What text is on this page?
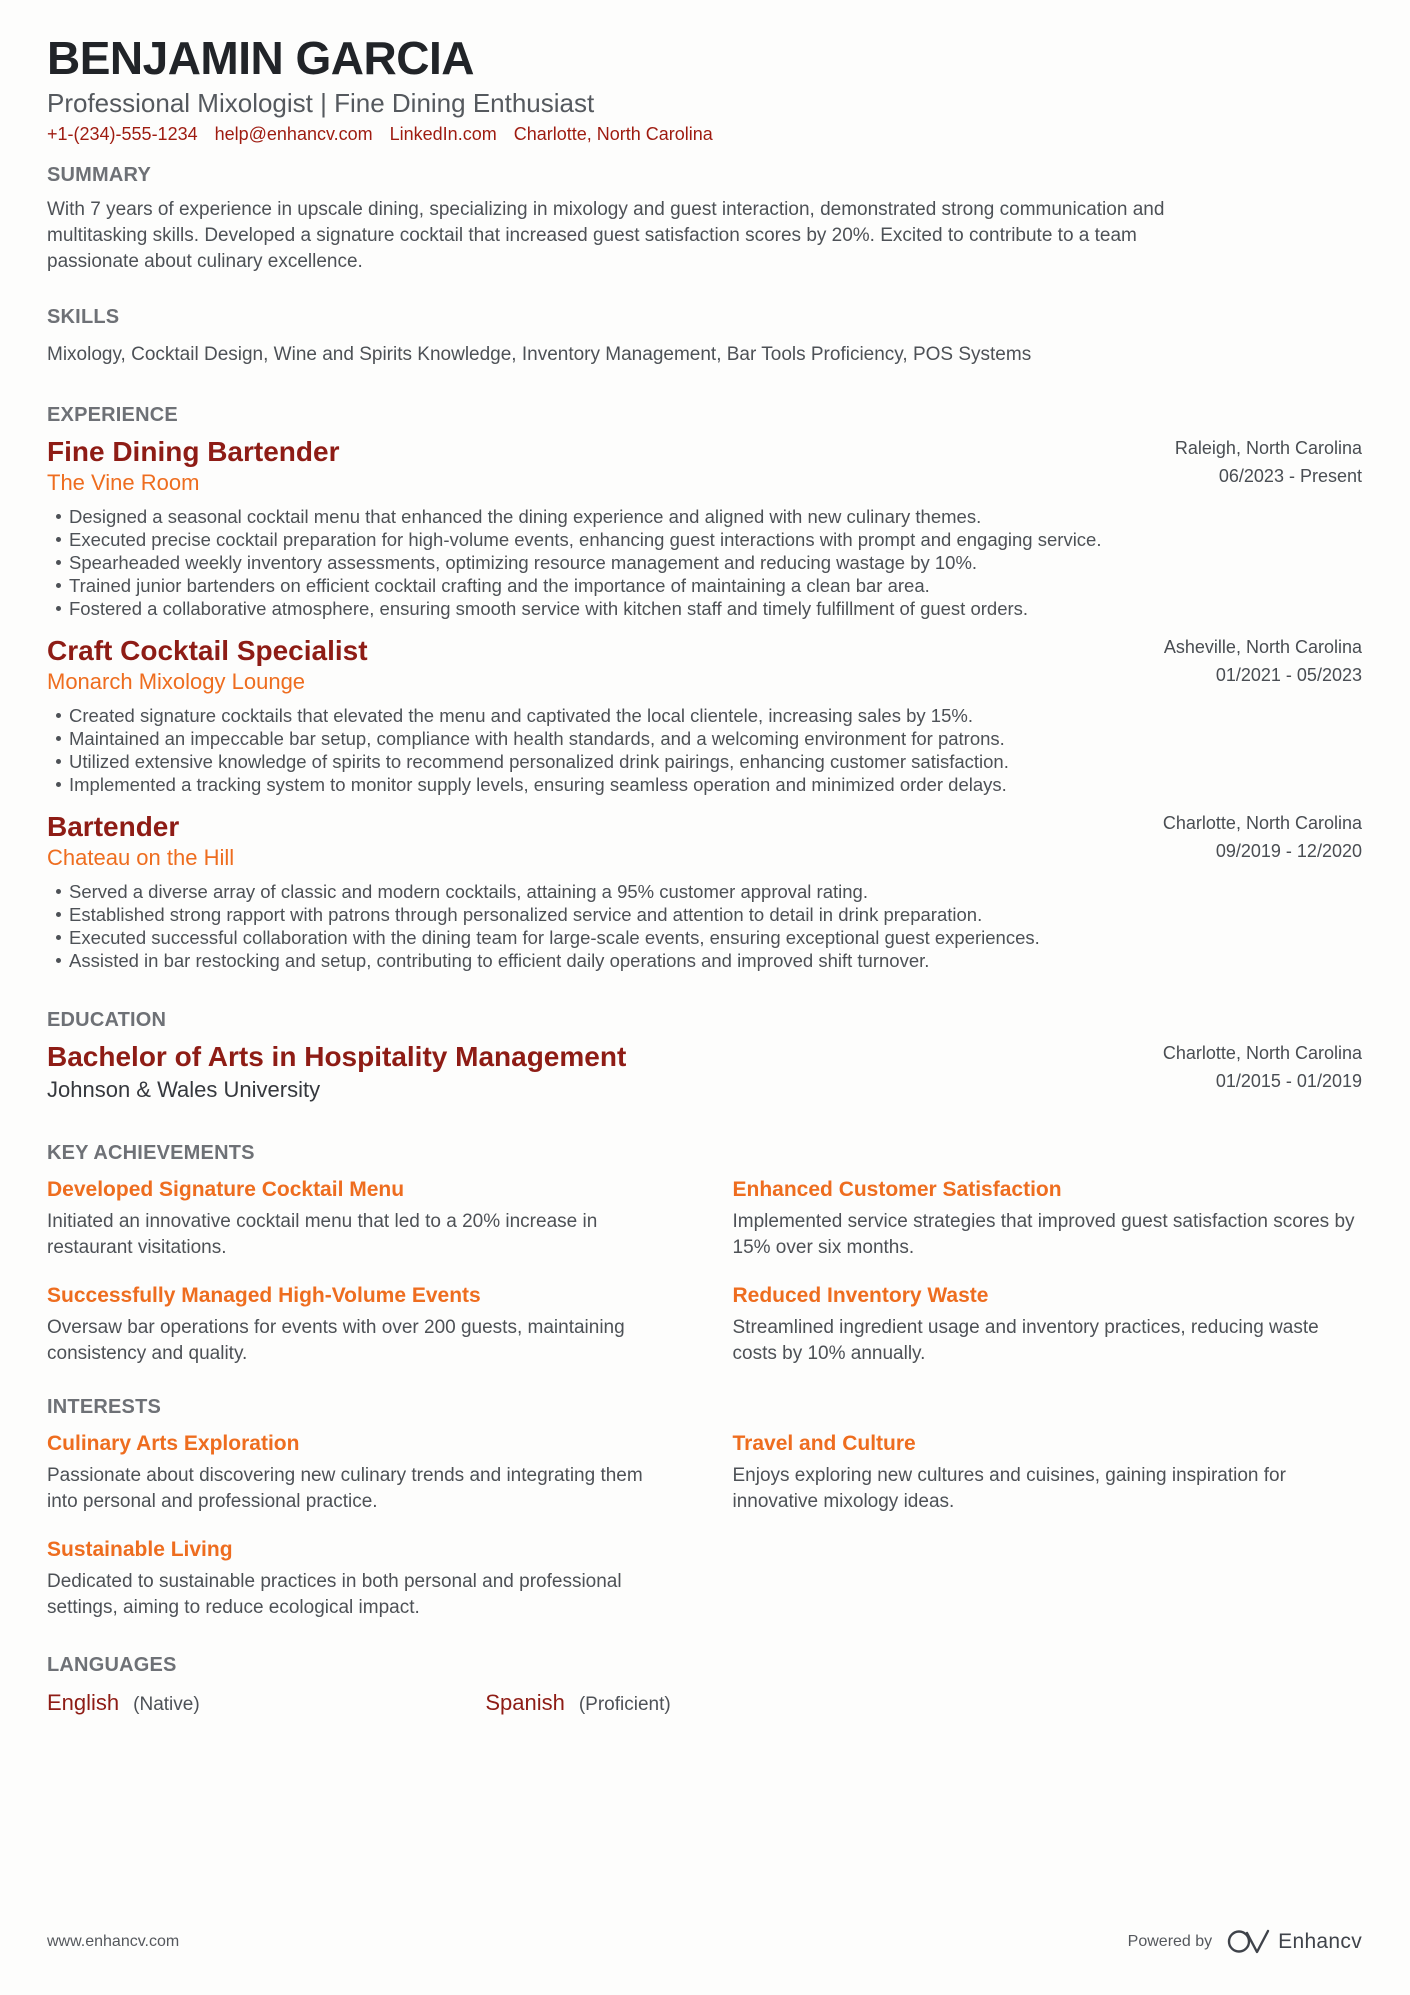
BENJAMIN GARCIA
Professional Mixologist | Fine Dining Enthusiast
+1-(234)-555-1234 help@enhancv.com LinkedIn.com Charlotte, North Carolina
SUMMARY

With 7 years of experience in upscale dining, specializing in mixology and guest interaction, demonstrated strong communication and multitasking skills. Developed a signature cocktail that increased guest satisfaction scores by 20%. Excited to contribute to a team passionate about culinary excellence.

SKILLS
Mixology, Cocktail Design, Wine and Spirits Knowledge, Inventory Management, Bar Tools Proficiency, POS Systems
EXPERIENCE
Fine Dining Bartender
The Vine Room
Raleigh, North Carolina
06/2023 - Present
Designed a seasonal cocktail menu that enhanced the dining experience and aligned with new culinary themes.
Executed precise cocktail preparation for high-volume events, enhancing guest interactions with prompt and engaging service.
Spearheaded weekly inventory assessments, optimizing resource management and reducing wastage by 10%.
Trained junior bartenders on efficient cocktail crafting and the importance of maintaining a clean bar area.
Fostered a collaborative atmosphere, ensuring smooth service with kitchen staff and timely fulfillment of guest orders.
Craft Cocktail Specialist
Monarch Mixology Lounge
Asheville, North Carolina
01/2021 - 05/2023
Created signature cocktails that elevated the menu and captivated the local clientele, increasing sales by 15%.
Maintained an impeccable bar setup, compliance with health standards, and a welcoming environment for patrons.
Utilized extensive knowledge of spirits to recommend personalized drink pairings, enhancing customer satisfaction.
Implemented a tracking system to monitor supply levels, ensuring seamless operation and minimized order delays.
Bartender
Chateau on the Hill
Charlotte, North Carolina
09/2019 - 12/2020
Served a diverse array of classic and modern cocktails, attaining a 95% customer approval rating.
Established strong rapport with patrons through personalized service and attention to detail in drink preparation.
Executed successful collaboration with the dining team for large-scale events, ensuring exceptional guest experiences.
Assisted in bar restocking and setup, contributing to efficient daily operations and improved shift turnover.
EDUCATION
Bachelor of Arts in Hospitality Management
Johnson & Wales University
Charlotte, North Carolina
01/2015 - 01/2019
KEY ACHIEVEMENTS
Developed Signature Cocktail Menu
Initiated an innovative cocktail menu that led to a 20% increase in restaurant visitations.
Enhanced Customer Satisfaction
Implemented service strategies that improved guest satisfaction scores by 15% over six months.
Successfully Managed High-Volume Events
Oversaw bar operations for events with over 200 guests, maintaining consistency and quality.
Reduced Inventory Waste
Streamlined ingredient usage and inventory practices, reducing waste costs by 10% annually.
INTERESTS
Culinary Arts Exploration
Passionate about discovering new culinary trends and integrating them into personal and professional practice.
Travel and Culture
Enjoys exploring new cultures and cuisines, gaining inspiration for innovative mixology ideas.
Sustainable Living
Dedicated to sustainable practices in both personal and professional settings, aiming to reduce ecological impact.
LANGUAGES
English (Native)	Spanish (Proficient)
www.enhancv.com	Powered by	Enhancv
